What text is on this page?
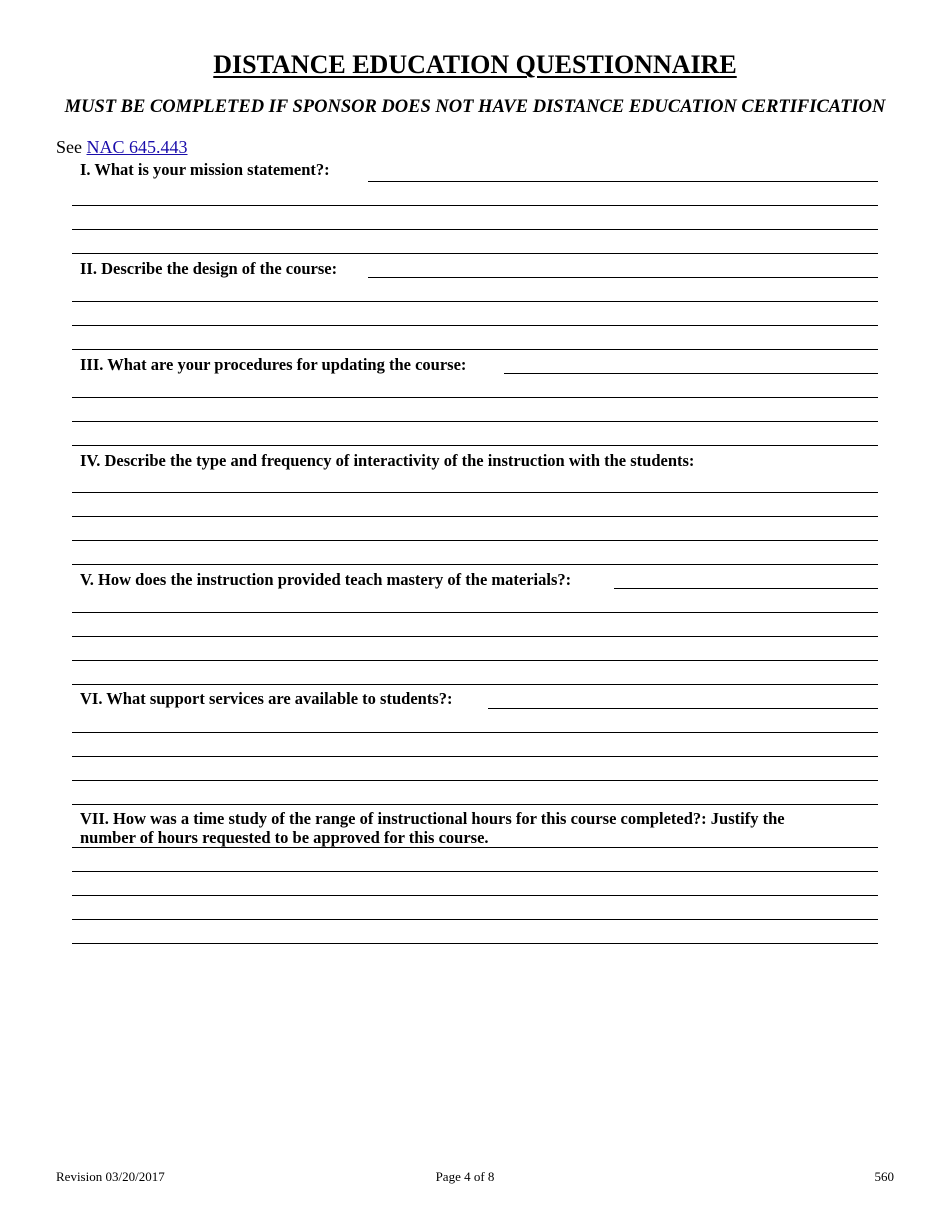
DISTANCE EDUCATION QUESTIONNAIRE
MUST BE COMPLETED IF SPONSOR DOES NOT HAVE DISTANCE EDUCATION CERTIFICATION
See NAC 645.443
I. What is your mission statement?:
II. Describe the design of the course:
III. What are your procedures for updating the course:
IV. Describe the type and frequency of interactivity of the instruction with the students:
V. How does the instruction provided teach mastery of the materials?:
VI. What support services are available to students?:
VII. How was a time study of the range of instructional hours for this course completed?: Justify the
number of hours requested to be approved for this course.
Revision 03/20/2017	Page 4 of 8	560
